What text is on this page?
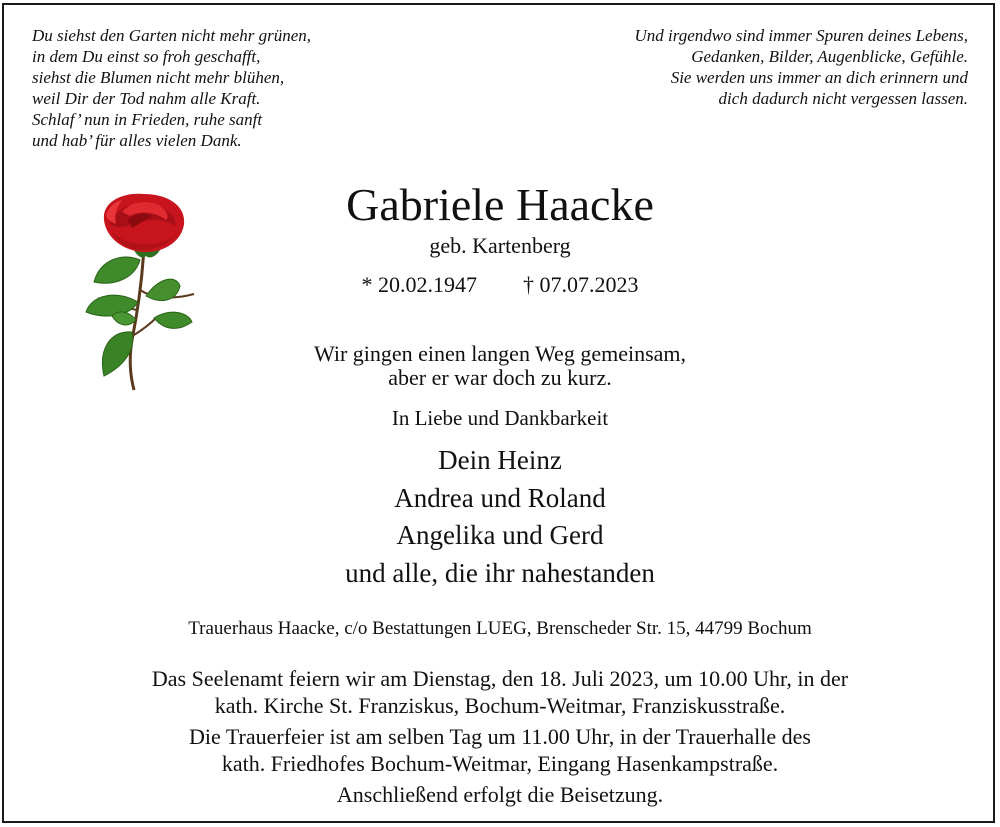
Du siehst den Garten nicht mehr grünen,
in dem Du einst so froh geschafft,
siehst die Blumen nicht mehr blühen,
weil Dir der Tod nahm alle Kraft.
Schlaf’ nun in Frieden, ruhe sanft
und hab’ für alles vielen Dank.
Und irgendwo sind immer Spuren deines Lebens,
Gedanken, Bilder, Augenblicke, Gefühle.
Sie werden uns immer an dich erinnern und
dich dadurch nicht vergessen lassen.
Gabriele Haacke
geb. Kartenberg
* 20.02.1947 † 07.07.2023
Wir gingen einen langen Weg gemeinsam,
aber er war doch zu kurz.
In Liebe und Dankbarkeit
Dein Heinz
Andrea und Roland
Angelika und Gerd
und alle, die ihr nahestanden
Trauerhaus Haacke, c/o Bestattungen LUEG, Brenscheder Str. 15, 44799 Bochum
Das Seelenamt feiern wir am Dienstag, den 18. Juli 2023, um 10.00 Uhr, in der
kath. Kirche St. Franziskus, Bochum-Weitmar, Franziskusstraße.
Die Trauerfeier ist am selben Tag um 11.00 Uhr, in der Trauerhalle des
kath. Friedhofes Bochum-Weitmar, Eingang Hasenkampstraße.
Anschließend erfolgt die Beisetzung.
